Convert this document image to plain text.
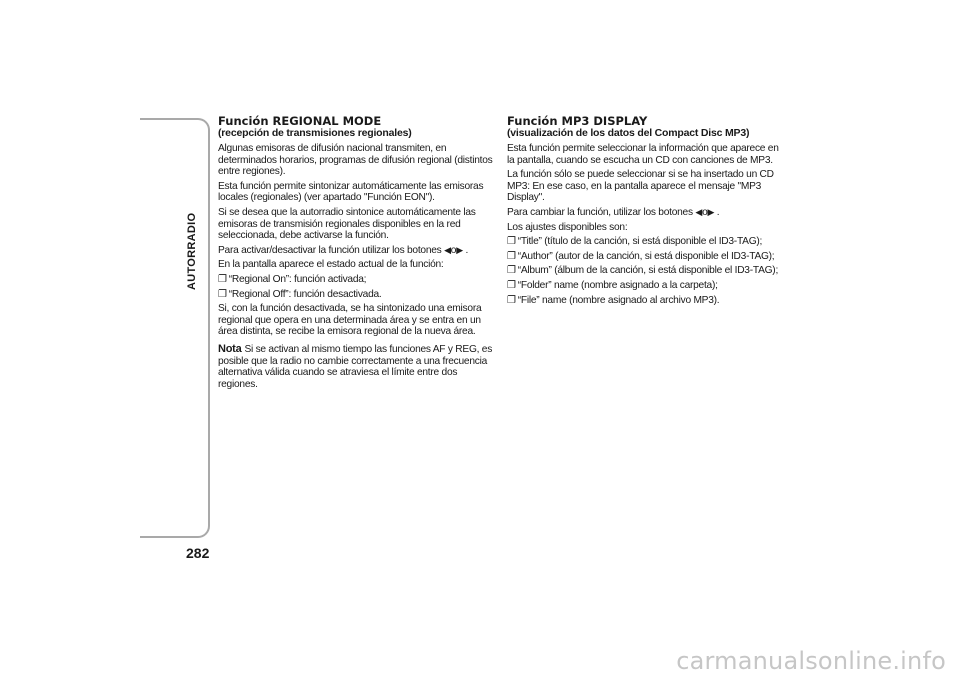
AUTORRADIO
282
Función REGIONAL MODE
(recepción de transmisiones regionales)

Algunas emisoras de difusión nacional transmiten, en determinados horarios, programas de difusión regional (distintos entre regiones).

Esta función permite sintonizar automáticamente las emisoras locales (regionales) (ver apartado "Función EON").

Si se desea que la autorradio sintonice automáticamente las emisoras de transmisión regionales disponibles en la red seleccionada, debe activarse la función.

Para activar/desactivar la función utilizar los botones ◀o▶ .

En la pantalla aparece el estado actual de la función:

❐ “Regional On”: función activada;
❐ “Regional Off”: función desactivada.

Si, con la función desactivada, se ha sintonizado una emisora regional que opera en una determinada área y se entra en un área distinta, se recibe la emisora regional de la nueva área.

Nota Si se activan al mismo tiempo las funciones AF y REG, es posible que la radio no cambie correctamente a una frecuencia alternativa válida cuando se atraviesa el límite entre dos regiones.

Función MP3 DISPLAY
(visualización de los datos del Compact Disc MP3)

Esta función permite seleccionar la información que aparece en la pantalla, cuando se escucha un CD con canciones de MP3.

La función sólo se puede seleccionar si se ha insertado un CD MP3: En ese caso, en la pantalla aparece el mensaje "MP3 Display".

Para cambiar la función, utilizar los botones ◀o▶ .

Los ajustes disponibles son:

❐ “Title” (título de la canción, si está disponible el ID3-TAG);
❐ “Author” (autor de la canción, si está disponible el ID3-TAG);
❐ “Album” (álbum de la canción, si está disponible el ID3-TAG);
❐ “Folder” name (nombre asignado a la carpeta);
❐ “File” name (nombre asignado al archivo MP3).
carmanualsonline.info
